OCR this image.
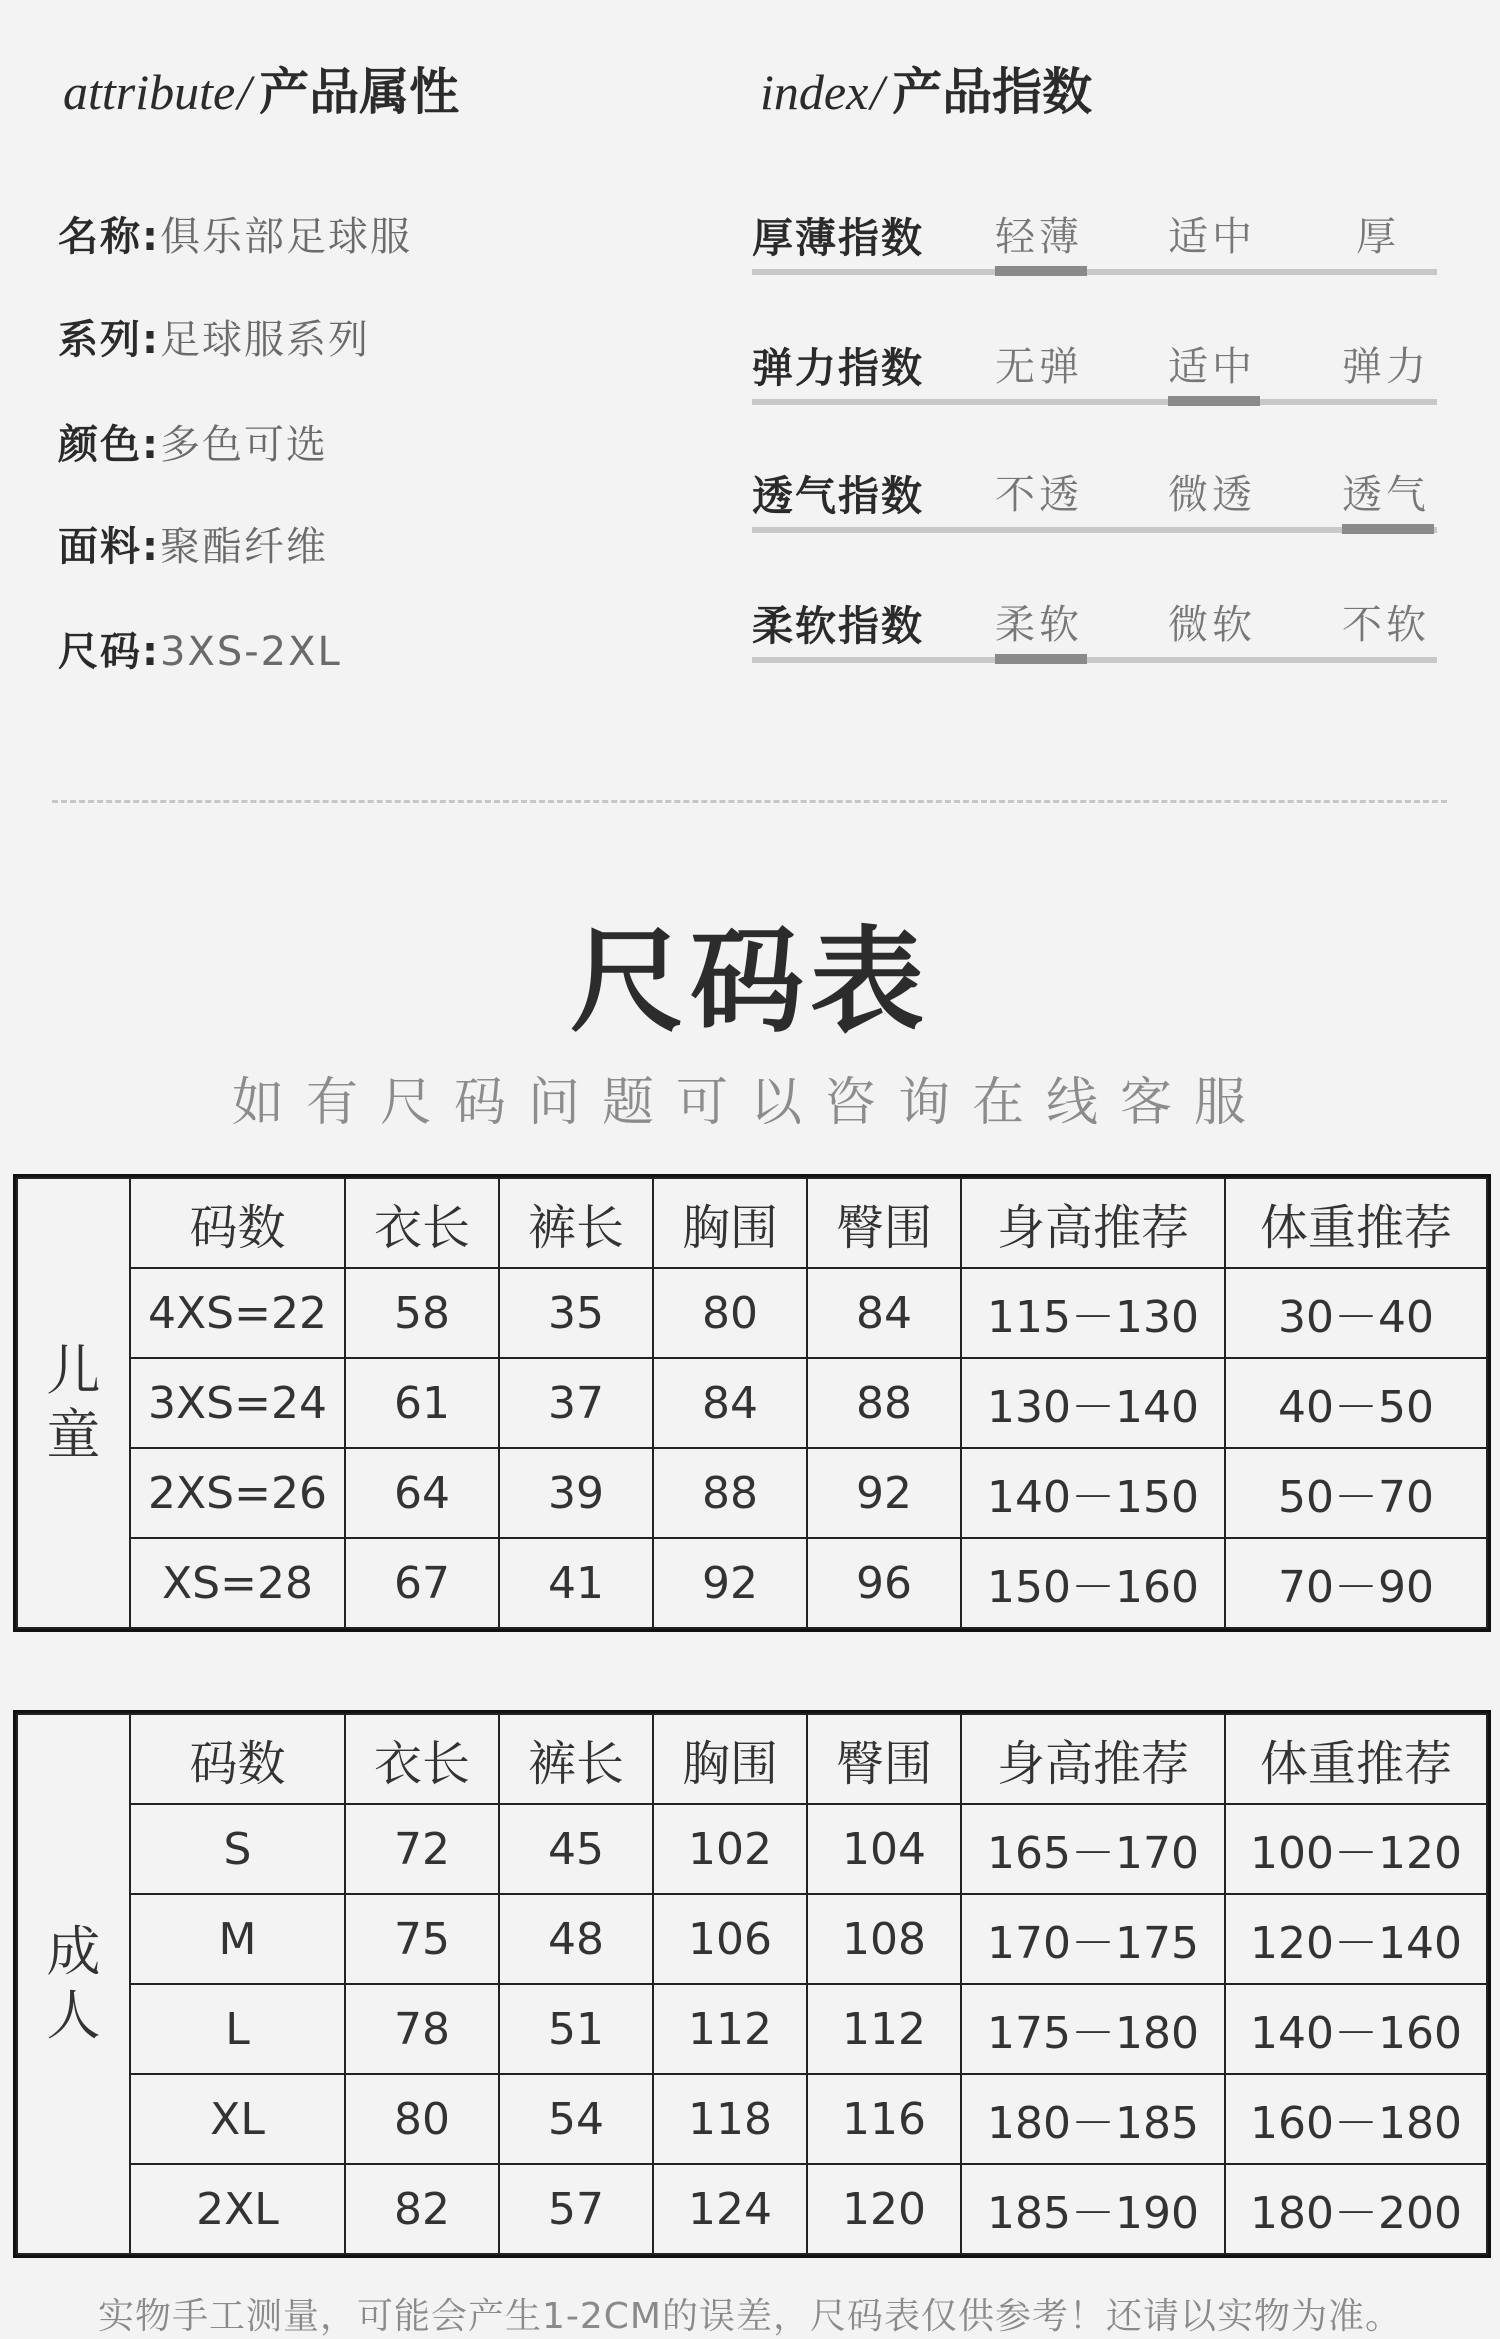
attribute/ 产品属性	index/ 产品指数
名称:俱乐部足球服
系列:足球服系列
颜色:多色可选
面料:聚酯纤维
尺码:3XS-2XL
厚薄指数 轻薄 适中	厚
弹力指数 无弹 适中 弹力
透气指数 不透 微透 透气
柔软指数 柔软 微软 不软
尺码表
如有尺码问题可以咨询在线客服
儿
童	码数	衣长	裤长	胸围	臀围	身高推荐	体重推荐
	4XS=22	58	35	80	84	115－130	30－40
	3XS=24	61	37	84	88	130－140	40－50
	2XS=26	64	39	88	92	140－150	50－70
	XS=28	67	41	92	96	150－160	70－90
成
人	码数	衣长	裤长	胸围	臀围	身高推荐	体重推荐
	S	72	45	102	104	165－170	100－120
	M	75	48	106	108	170－175	120－140
	L	78	51	112	112	175－180	140－160
	XL	80	54	118	116	180－185	160－180
	2XL	82	57	124	120	185－190	180－200
实物手工测量，可能会产生1-2CM的误差，尺码表仅供参考！还请以实物为准。
